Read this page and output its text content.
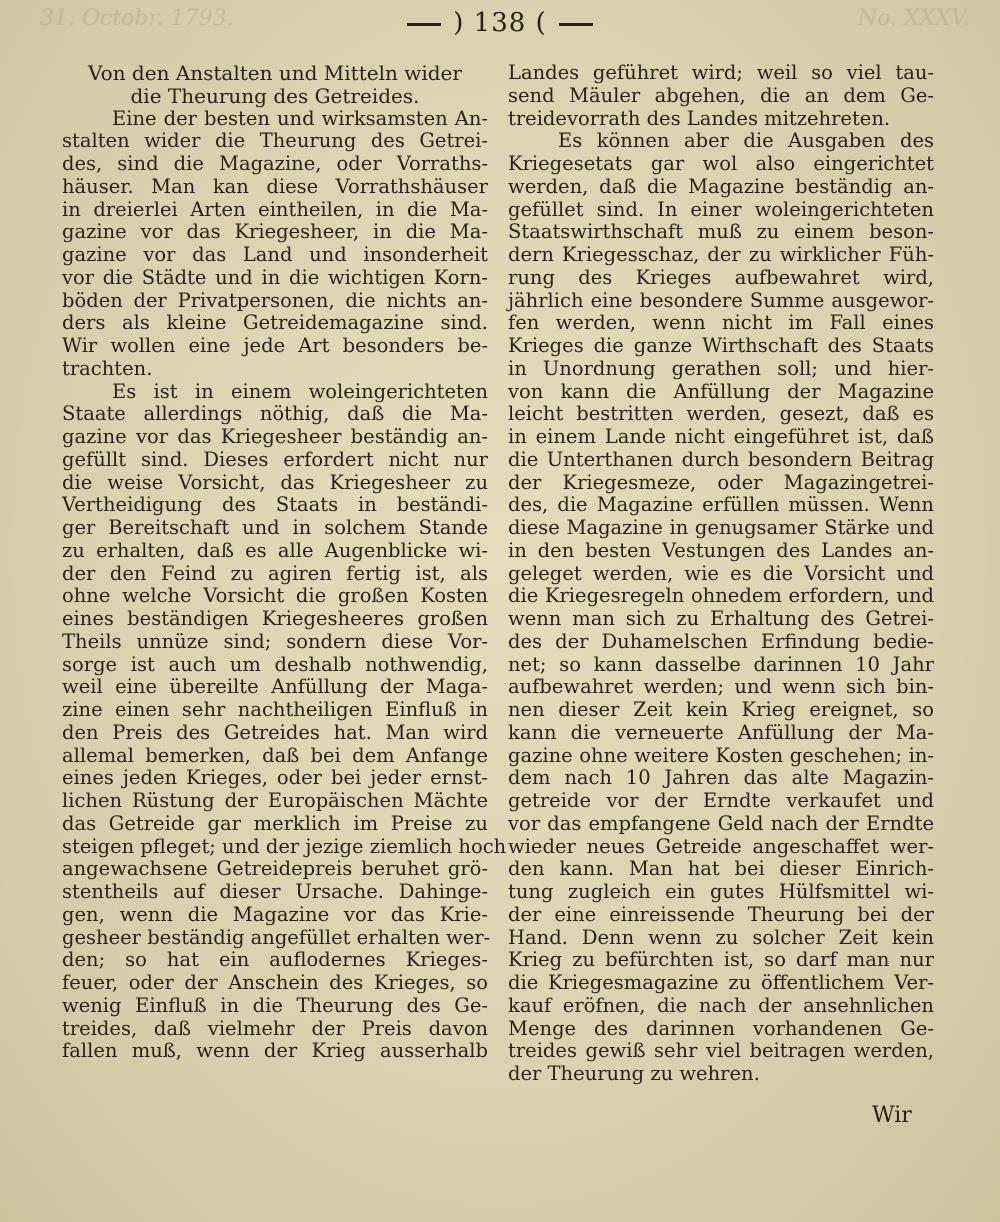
31. Octobr. 1793.	No. XXXV.
) 138 (
Von den Anstalten und Mitteln wider
die Theurung des Getreides.
Eine der besten und wirksamsten An-
stalten wider die Theurung des Getrei-
des, sind die Magazine, oder Vorraths-
häuser. Man kan diese Vorrathshäuser
in dreierlei Arten eintheilen, in die Ma-
gazine vor das Kriegesheer, in die Ma-
gazine vor das Land und insonderheit
vor die Städte und in die wichtigen Korn-
böden der Privatpersonen, die nichts an-
ders als kleine Getreidemagazine sind.
Wir wollen eine jede Art besonders be-
trachten.
Es ist in einem woleingerichteten
Staate allerdings nöthig, daß die Ma-
gazine vor das Kriegesheer beständig an-
gefüllt sind. Dieses erfordert nicht nur
die weise Vorsicht, das Kriegesheer zu
Vertheidigung des Staats in beständi-
ger Bereitschaft und in solchem Stande
zu erhalten, daß es alle Augenblicke wi-
der den Feind zu agiren fertig ist, als
ohne welche Vorsicht die großen Kosten
eines beständigen Kriegesheeres großen
Theils unnüze sind; sondern diese Vor-
sorge ist auch um deshalb nothwendig,
weil eine übereilte Anfüllung der Maga-
zine einen sehr nachtheiligen Einfluß in
den Preis des Getreides hat. Man wird
allemal bemerken, daß bei dem Anfange
eines jeden Krieges, oder bei jeder ernst-
lichen Rüstung der Europäischen Mächte
das Getreide gar merklich im Preise zu
steigen pfleget; und der jezige ziemlich hoch
angewachsene Getreidepreis beruhet grö-
stentheils auf dieser Ursache. Dahinge-
gen, wenn die Magazine vor das Krie-
gesheer beständig angefüllet erhalten wer-
den; so hat ein auflodernes Krieges-
feuer, oder der Anschein des Krieges, so
wenig Einfluß in die Theurung des Ge-
treides, daß vielmehr der Preis davon
fallen muß, wenn der Krieg ausserhalb
Landes geführet wird; weil so viel tau-
send Mäuler abgehen, die an dem Ge-
treidevorrath des Landes mitzehreten.
Es können aber die Ausgaben des
Kriegesetats gar wol also eingerichtet
werden, daß die Magazine beständig an-
gefüllet sind. In einer woleingerichteten
Staatswirthschaft muß zu einem beson-
dern Kriegesschaz, der zu wirklicher Füh-
rung des Krieges aufbewahret wird,
jährlich eine besondere Summe ausgewor-
fen werden, wenn nicht im Fall eines
Krieges die ganze Wirthschaft des Staats
in Unordnung gerathen soll; und hier-
von kann die Anfüllung der Magazine
leicht bestritten werden, gesezt, daß es
in einem Lande nicht eingeführet ist, daß
die Unterthanen durch besondern Beitrag
der Kriegesmeze, oder Magazingetrei-
des, die Magazine erfüllen müssen. Wenn
diese Magazine in genugsamer Stärke und
in den besten Vestungen des Landes an-
geleget werden, wie es die Vorsicht und
die Kriegesregeln ohnedem erfordern, und
wenn man sich zu Erhaltung des Getrei-
des der Duhamelschen Erfindung bedie-
net; so kann dasselbe darinnen 10 Jahr
aufbewahret werden; und wenn sich bin-
nen dieser Zeit kein Krieg ereignet, so
kann die verneuerte Anfüllung der Ma-
gazine ohne weitere Kosten geschehen; in-
dem nach 10 Jahren das alte Magazin-
getreide vor der Erndte verkaufet und
vor das empfangene Geld nach der Erndte
wieder neues Getreide angeschaffet wer-
den kann. Man hat bei dieser Einrich-
tung zugleich ein gutes Hülfsmittel wi-
der eine einreissende Theurung bei der
Hand. Denn wenn zu solcher Zeit kein
Krieg zu befürchten ist, so darf man nur
die Kriegesmagazine zu öffentlichem Ver-
kauf eröfnen, die nach der ansehnlichen
Menge des darinnen vorhandenen Ge-
treides gewiß sehr viel beitragen werden,
der Theurung zu wehren.
Wir
